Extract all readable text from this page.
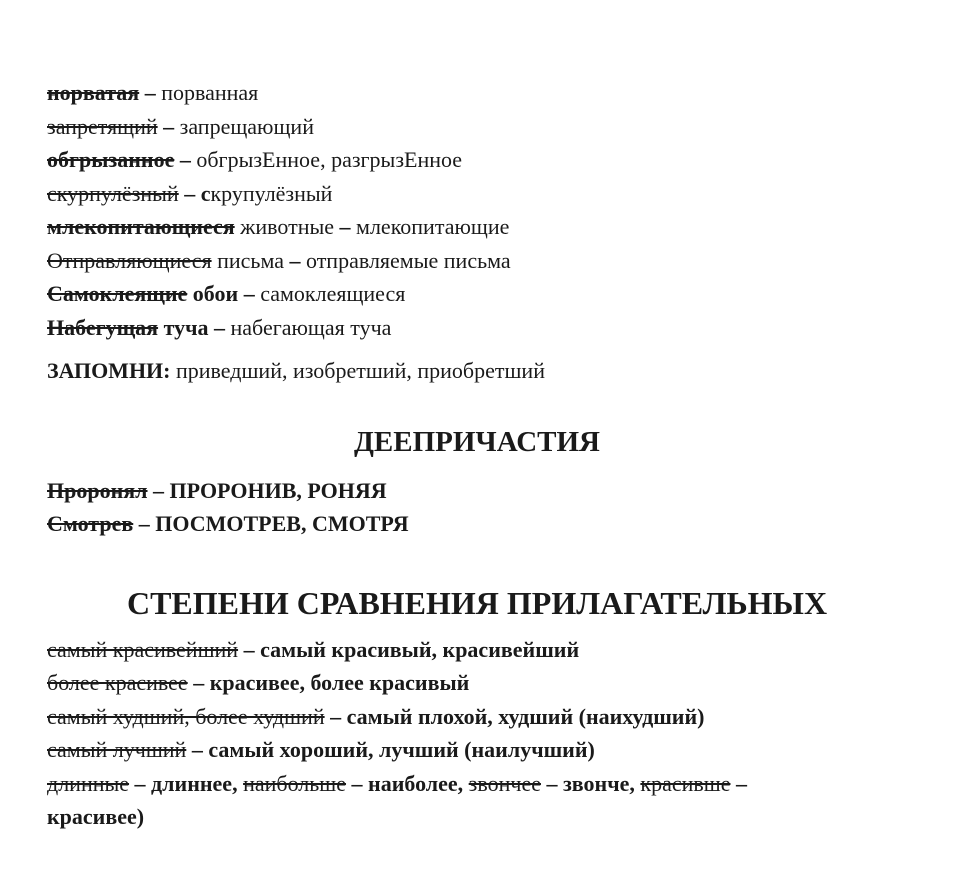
норватая – порванная
запретящий – запрещающий
обгрызанное – обгрызЕнное, разгрызЕнное
скурпулёзный – скрупулёзный
млекопитающиеся животные – млекопитающие
Отправляющиеся письма – отправляемые письма
Самоклеящие обои – самоклеящиеся
Набегущая туча – набегающая туча
ЗАПОМНИ: приведший, изобретший, приобретший
ДЕЕПРИЧАСТИЯ
Проронял – ПРОРОНИВ, РОНЯЯ
Смотрев – ПОСМОТРЕВ, СМОТРЯ
СТЕПЕНИ СРАВНЕНИЯ ПРИЛАГАТЕЛЬНЫХ
самый красивейший – самый красивый, красивейший
более красивее – красивее, более красивый
самый худший, более худший – самый плохой, худший (наихудший)
самый лучший – самый хороший, лучший (наилучший)
длинные – длиннее, наибольше – наиболее, звончее – звонче, красивше –
красивее)
